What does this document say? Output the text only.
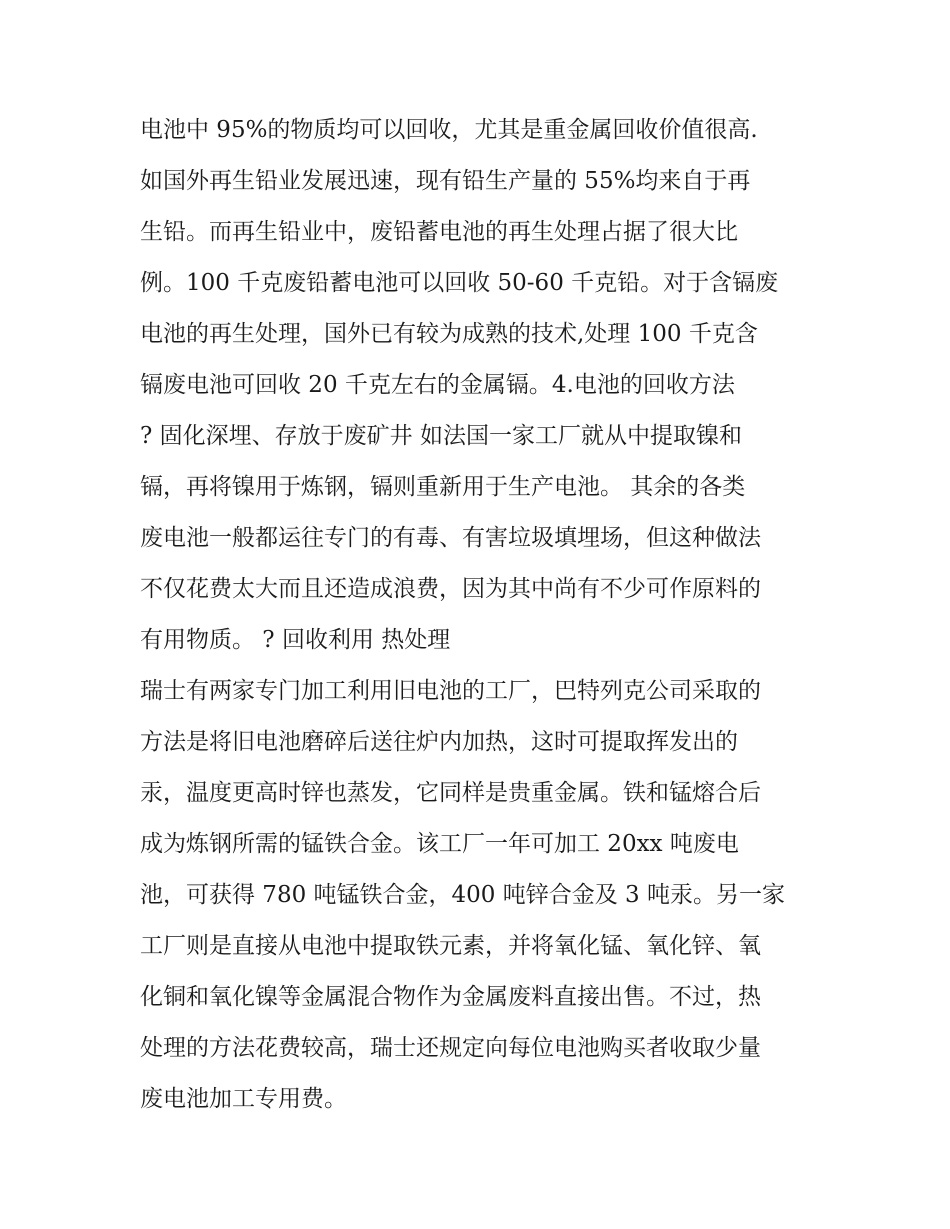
电池中 95%的物质均可以回收，尤其是重金属回收价值很高.
如国外再生铅业发展迅速，现有铅生产量的 55%均来自于再
生铅。而再生铅业中，废铅蓄电池的再生处理占据了很大比
例。100 千克废铅蓄电池可以回收 50-60 千克铅。对于含镉废
电池的再生处理，国外已有较为成熟的技术,处理 100 千克含
镉废电池可回收 20 千克左右的金属镉。4.电池的回收方法
? 固化深埋、存放于废矿井 如法国一家工厂就从中提取镍和
镉，再将镍用于炼钢，镉则重新用于生产电池。 其余的各类
废电池一般都运往专门的有毒、有害垃圾填埋场，但这种做法
不仅花费太大而且还造成浪费，因为其中尚有不少可作原料的
有用物质。 ? 回收利用 热处理
瑞士有两家专门加工利用旧电池的工厂，巴特列克公司采取的
方法是将旧电池磨碎后送往炉内加热，这时可提取挥发出的
汞，温度更高时锌也蒸发，它同样是贵重金属。铁和锰熔合后
成为炼钢所需的锰铁合金。该工厂一年可加工 20xx 吨废电
池，可获得 780 吨锰铁合金，400 吨锌合金及 3 吨汞。另一家
工厂则是直接从电池中提取铁元素，并将氧化锰、氧化锌、氧
化铜和氧化镍等金属混合物作为金属废料直接出售。不过，热
处理的方法花费较高，瑞士还规定向每位电池购买者收取少量
废电池加工专用费。
